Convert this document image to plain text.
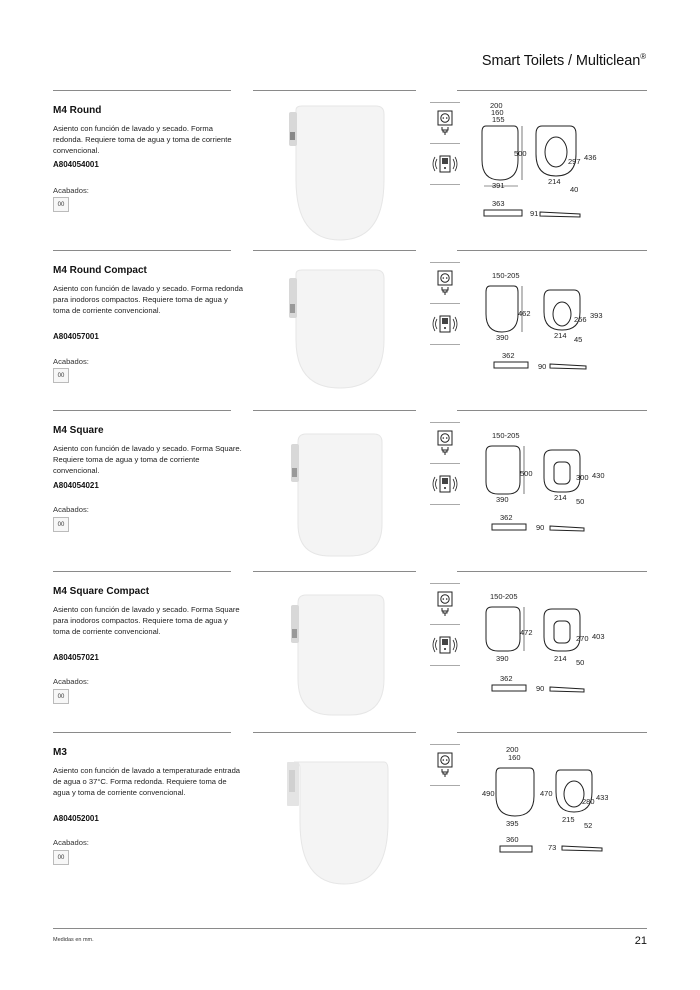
Smart Toilets / Multiclean®
M4 Round
Asiento con función de lavado y secado. Forma redonda. Requiere toma de agua y toma de corriente convencional.
A804054001
Acabados:
00
200
160
155
500
391
297 436
214
40
363
91
M4 Round Compact
Asiento con función de lavado y secado. Forma redonda para inodoros compactos. Requiere toma de agua y toma de corriente convencional.
A804057001
Acabados:
00
150-205
462
390
266 393
214 45
362
90
M4 Square
Asiento con función de lavado y secado. Forma Square. Requiere toma de agua y toma de corriente convencional.
A804054021
Acabados:
00
150-205
500
390
300 430
214 50
362
90
M4 Square Compact
Asiento con función de lavado y secado. Forma Square para inodoros compactos. Requiere toma de agua y toma de corriente convencional.
A804057021
Acabados:
00
150-205
472
390
270 403
214 50
362
90
M3
Asiento con función de lavado a temperaturade entrada de agua o 37°C. Forma redonda. Requiere toma de agua y toma de corriente convencional.
A804052001
Acabados:
00
200
160
490	470
395
280 433
215
52
360
73
Medidas en mm.	21
